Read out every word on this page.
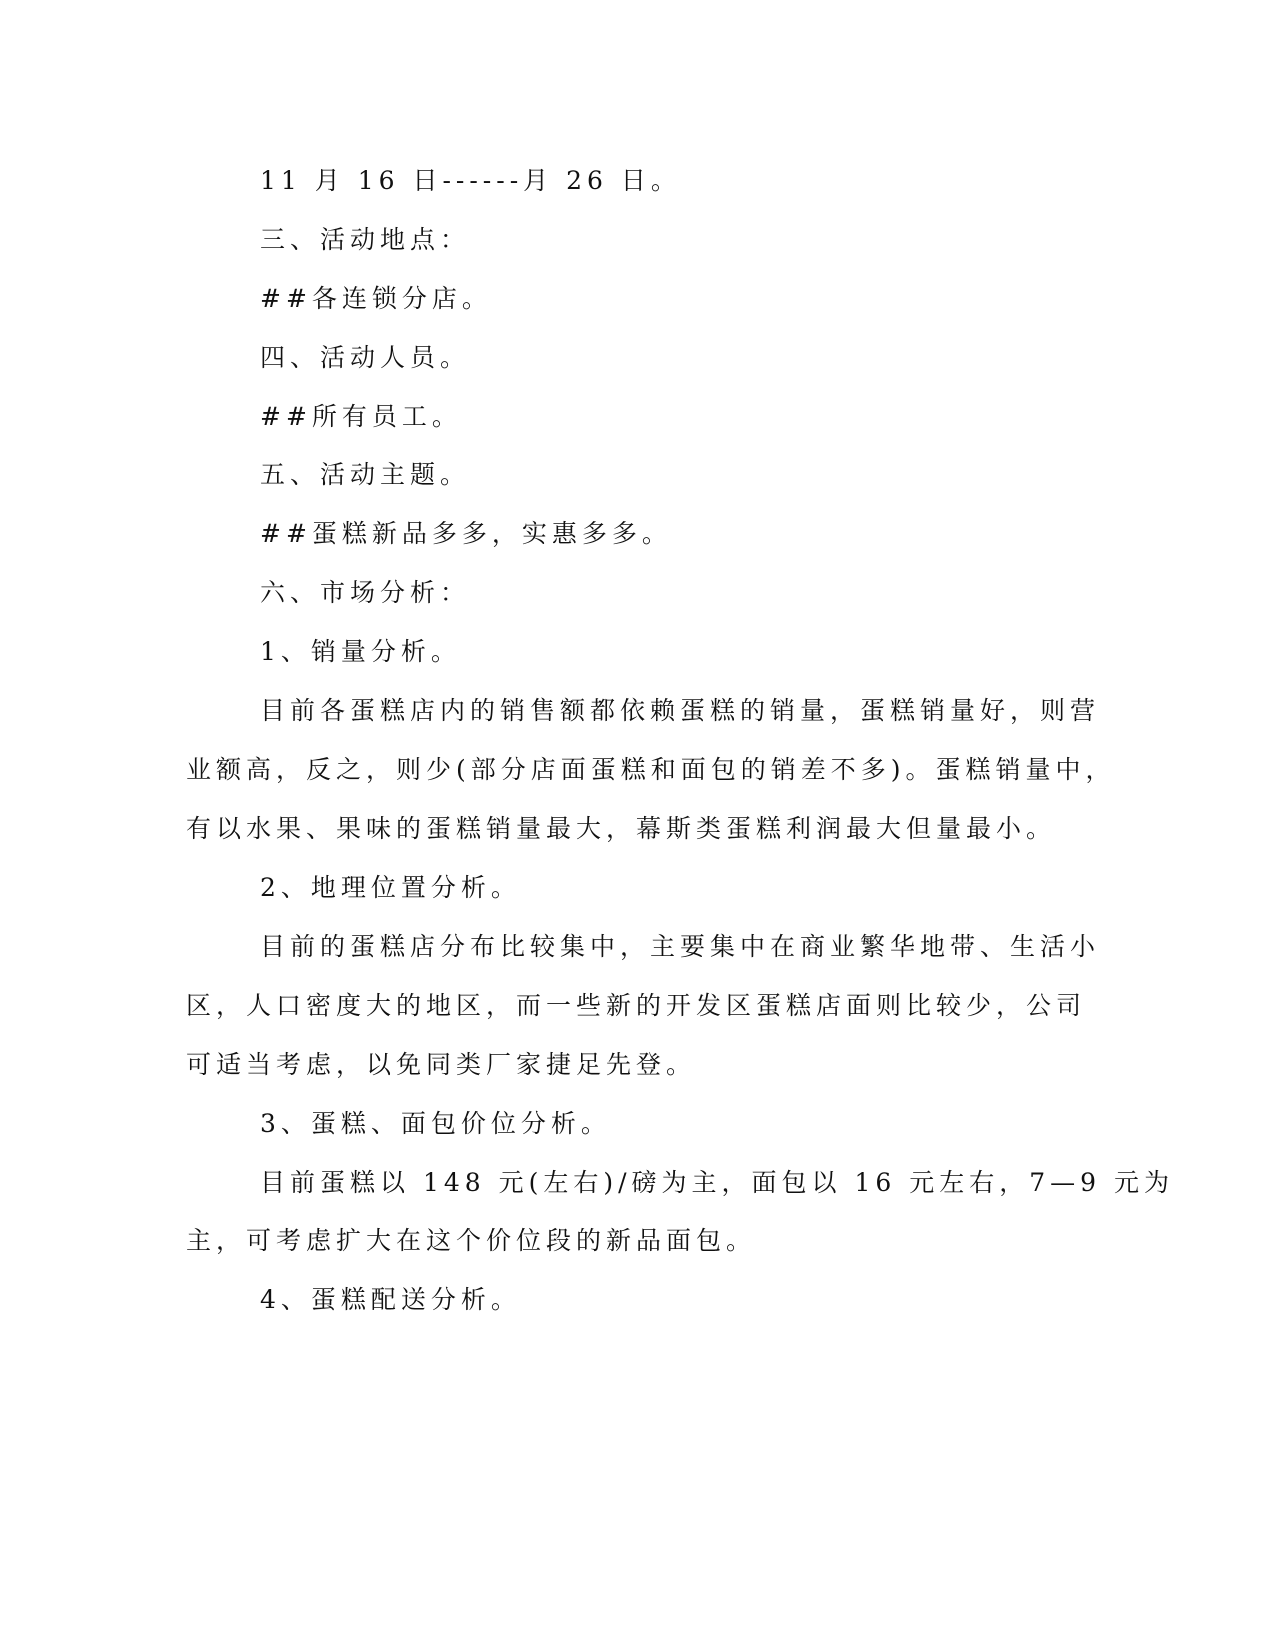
11 月 16 日------月 26 日。

三、活动地点：

##各连锁分店。

四、活动人员。

##所有员工。

五、活动主题。

##蛋糕新品多多，实惠多多。

六、市场分析：

1、销量分析。

目前各蛋糕店内的销售额都依赖蛋糕的销量，蛋糕销量好，则营

业额高，反之，则少(部分店面蛋糕和面包的销差不多)。蛋糕销量中，

有以水果、果味的蛋糕销量最大，幕斯类蛋糕利润最大但量最小。

2、地理位置分析。

目前的蛋糕店分布比较集中，主要集中在商业繁华地带、生活小

区，人口密度大的地区，而一些新的开发区蛋糕店面则比较少，公司

可适当考虑，以免同类厂家捷足先登。

3、蛋糕、面包价位分析。

目前蛋糕以 148 元(左右)/磅为主，面包以 16 元左右，7—9 元为

主，可考虑扩大在这个价位段的新品面包。

4、蛋糕配送分析。
